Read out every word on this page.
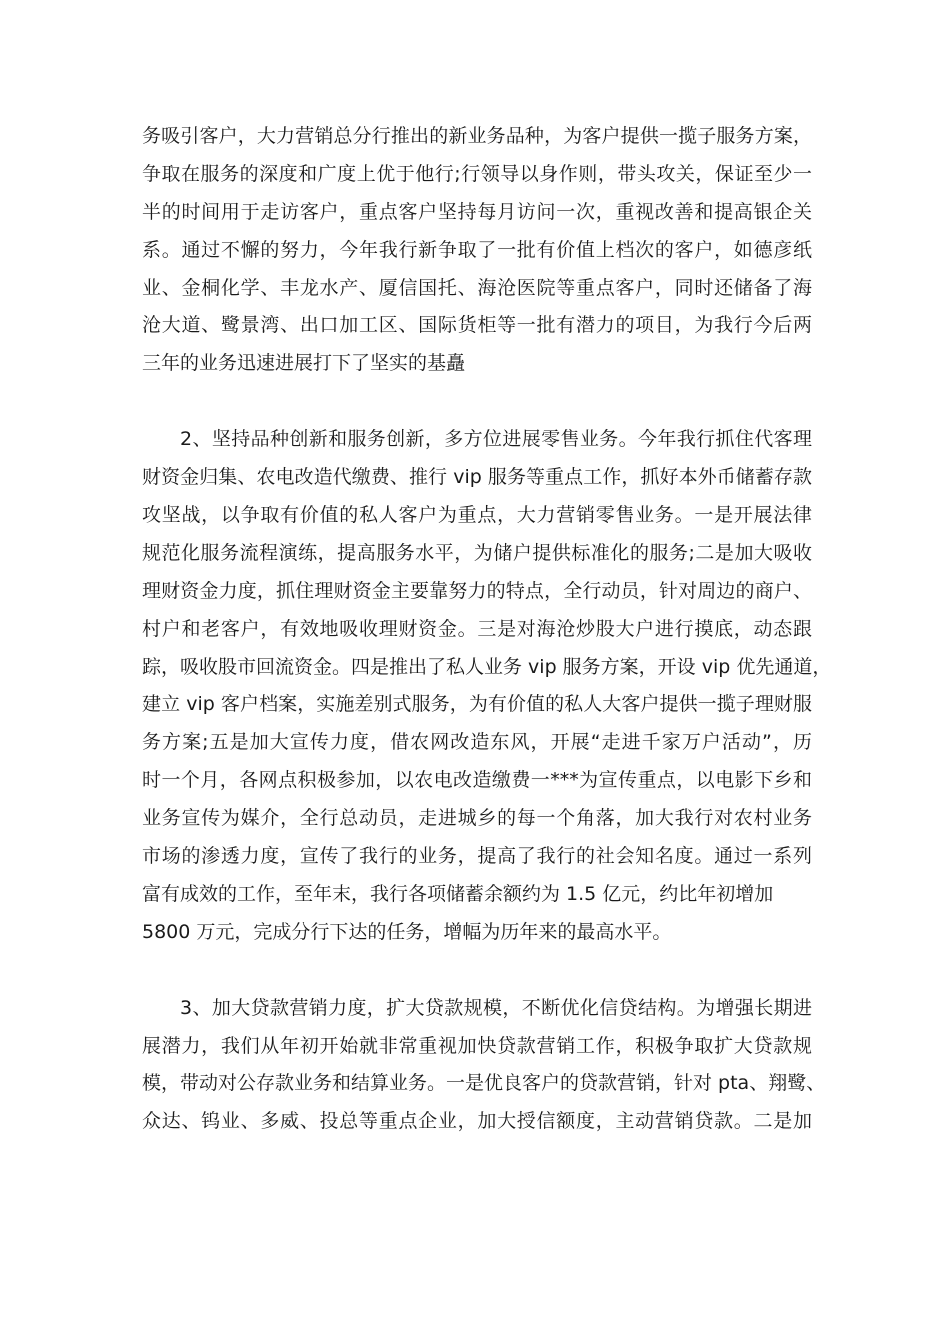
务吸引客户，大力营销总分行推出的新业务品种，为客户提供一揽子服务方案，
争取在服务的深度和广度上优于他行;行领导以身作则，带头攻关，保证至少一
半的时间用于走访客户，重点客户坚持每月访问一次，重视改善和提高银企关
系。通过不懈的努力，今年我行新争取了一批有价值上档次的客户，如德彦纸
业、金桐化学、丰龙水产、厦信国托、海沧医院等重点客户，同时还储备了海
沧大道、鹭景湾、出口加工区、国际货柜等一批有潜力的项目，为我行今后两
三年的业务迅速进展打下了坚实的基矗
2、坚持品种创新和服务创新，多方位进展零售业务。今年我行抓住代客理
财资金归集、农电改造代缴费、推行 vip 服务等重点工作，抓好本外币储蓄存款
攻坚战，以争取有价值的私人客户为重点，大力营销零售业务。一是开展法律
规范化服务流程演练，提高服务水平，为储户提供标准化的服务;二是加大吸收
理财资金力度，抓住理财资金主要靠努力的特点，全行动员，针对周边的商户、
村户和老客户，有效地吸收理财资金。三是对海沧炒股大户进行摸底，动态跟
踪，吸收股市回流资金。四是推出了私人业务 vip 服务方案，开设 vip 优先通道，
建立 vip 客户档案，实施差别式服务，为有价值的私人大客户提供一揽子理财服
务方案;五是加大宣传力度，借农网改造东风，开展“走进千家万户活动”，历
时一个月，各网点积极参加，以农电改造缴费一***为宣传重点，以电影下乡和
业务宣传为媒介，全行总动员，走进城乡的每一个角落，加大我行对农村业务
市场的渗透力度，宣传了我行的业务，提高了我行的社会知名度。通过一系列
富有成效的工作，至年末，我行各项储蓄余额约为 1.5 亿元，约比年初增加
5800 万元，完成分行下达的任务，增幅为历年来的最高水平。
3、加大贷款营销力度，扩大贷款规模，不断优化信贷结构。为增强长期进
展潜力，我们从年初开始就非常重视加快贷款营销工作，积极争取扩大贷款规
模，带动对公存款业务和结算业务。一是优良客户的贷款营销，针对 pta、翔鹭、
众达、钨业、多威、投总等重点企业，加大授信额度，主动营销贷款。二是加
